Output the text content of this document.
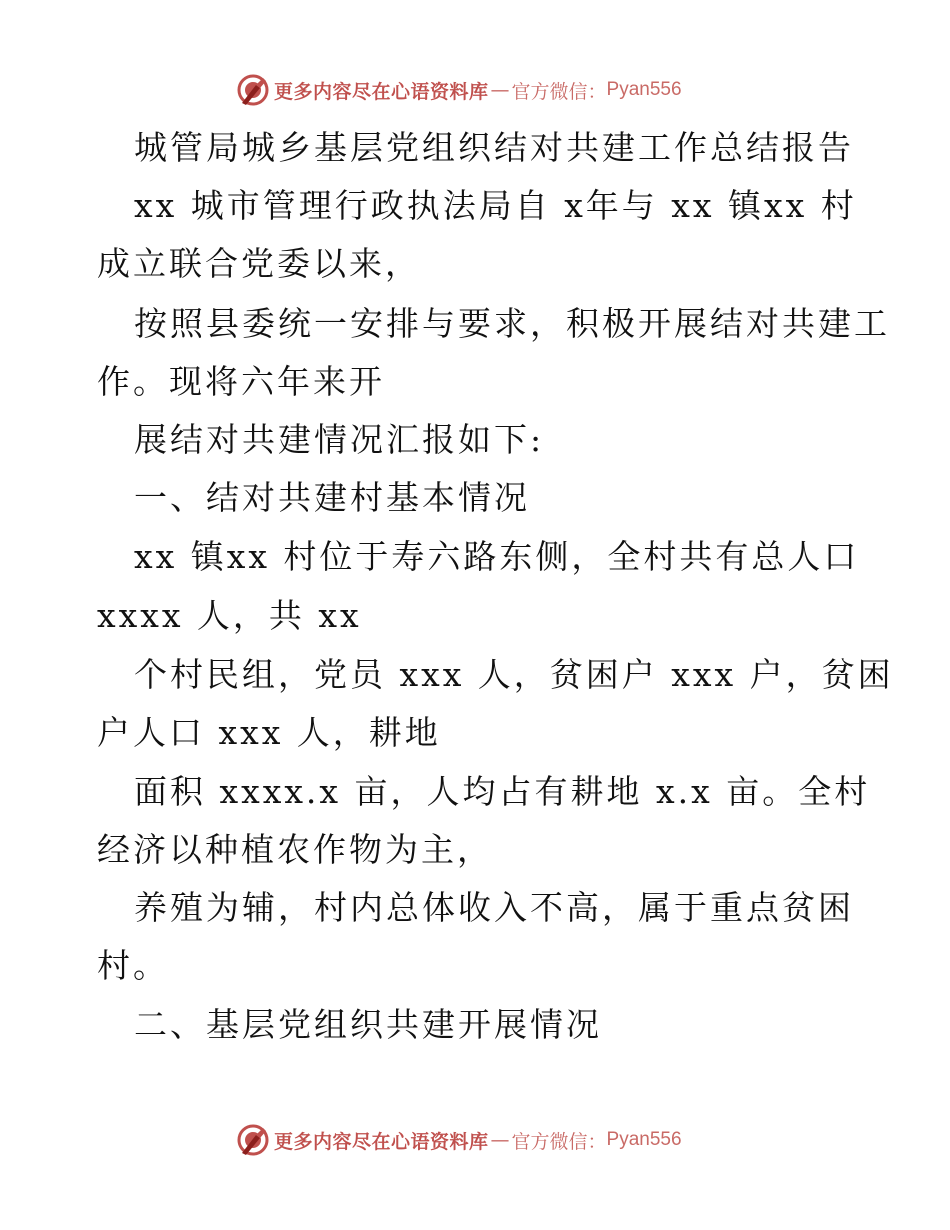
更多内容尽在心语资料库 — 官方微信： Pyan556
城管局城乡基层党组织结对共建工作总结报告
xx 城市管理行政执法局自 x年与 xx 镇xx 村
成立联合党委以来，
按照县委统一安排与要求，积极开展结对共建工
作。现将六年来开
展结对共建情况汇报如下:
一、结对共建村基本情况
xx 镇xx 村位于寿六路东侧，全村共有总人口
xxxx 人，共 xx
个村民组，党员 xxx 人，贫困户 xxx 户，贫困
户人口 xxx 人，耕地
面积 xxxx.x 亩，人均占有耕地 x.x 亩。全村
经济以种植农作物为主，
养殖为辅，村内总体收入不高，属于重点贫困
村。
二、基层党组织共建开展情况
更多内容尽在心语资料库 — 官方微信： Pyan556
